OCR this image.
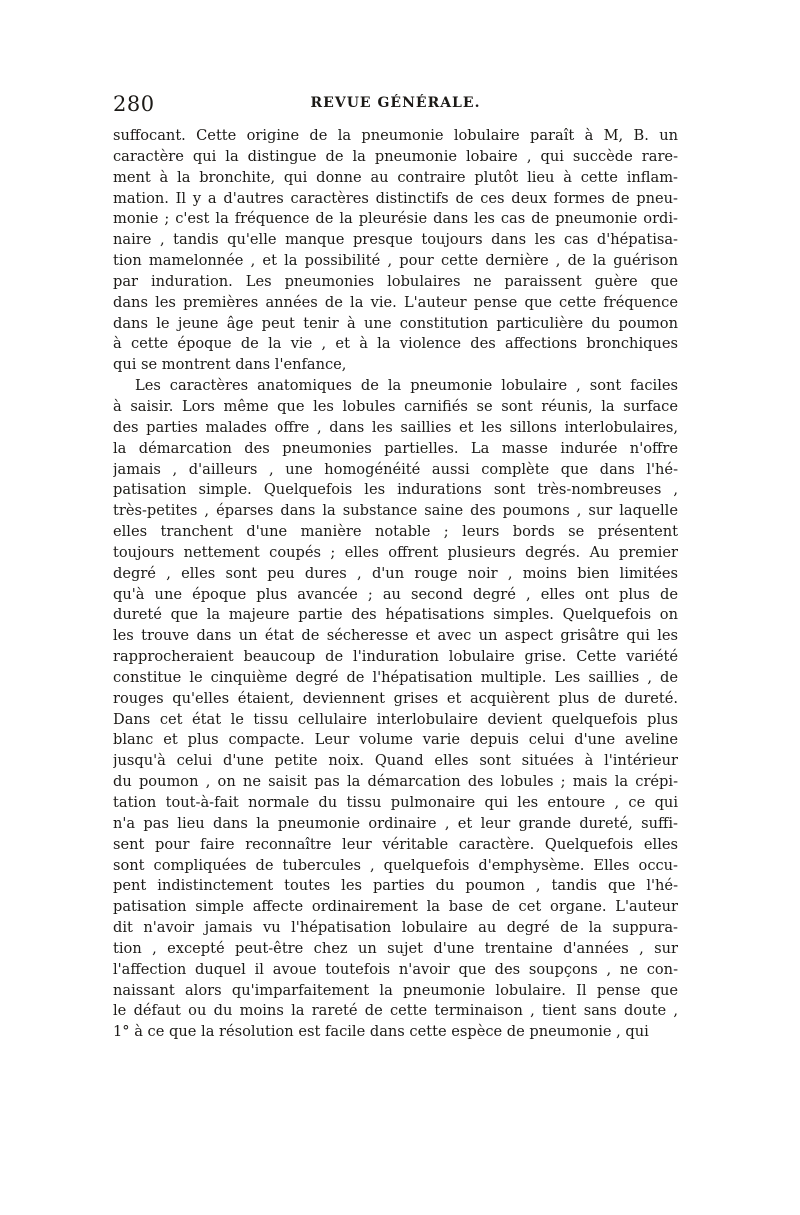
280	REVUE GÉNÉRALE.
suffocant. Cette origine de la pneumonie lobulaire paraît à M, B. un
caractère qui la distingue de la pneumonie lobaire , qui succède rare-
ment à la bronchite, qui donne au contraire plutôt lieu à cette inflam-
mation. Il y a d'autres caractères distinctifs de ces deux formes de pneu-
monie ; c'est la fréquence de la pleurésie dans les cas de pneumonie ordi-
naire , tandis qu'elle manque presque toujours dans les cas d'hépatisa-
tion mamelonnée , et la possibilité , pour cette dernière , de la guérison
par induration. Les pneumonies lobulaires ne paraissent guère que
dans les premières années de la vie. L'auteur pense que cette fréquence
dans le jeune âge peut tenir à une constitution particulière du poumon
à cette époque de la vie , et à la violence des affections bronchiques
qui se montrent dans l'enfance,
Les caractères anatomiques de la pneumonie lobulaire , sont faciles
à saisir. Lors même que les lobules carnifiés se sont réunis, la surface
des parties malades offre , dans les saillies et les sillons interlobulaires,
la démarcation des pneumonies partielles. La masse indurée n'offre
jamais , d'ailleurs , une homogénéité aussi complète que dans l'hé-
patisation simple. Quelquefois les indurations sont très-nombreuses ,
très-petites , éparses dans la substance saine des poumons , sur laquelle
elles tranchent d'une manière notable ; leurs bords se présentent
toujours nettement coupés ; elles offrent plusieurs degrés. Au premier
degré , elles sont peu dures , d'un rouge noir , moins bien limitées
qu'à une époque plus avancée ; au second degré , elles ont plus de
dureté que la majeure partie des hépatisations simples. Quelquefois on
les trouve dans un état de sécheresse et avec un aspect grisâtre qui les
rapprocheraient beaucoup de l'induration lobulaire grise. Cette variété
constitue le cinquième degré de l'hépatisation multiple. Les saillies , de
rouges qu'elles étaient, deviennent grises et acquièrent plus de dureté.
Dans cet état le tissu cellulaire interlobulaire devient quelquefois plus
blanc et plus compacte. Leur volume varie depuis celui d'une aveline
jusqu'à celui d'une petite noix. Quand elles sont situées à l'intérieur
du poumon , on ne saisit pas la démarcation des lobules ; mais la crépi-
tation tout-à-fait normale du tissu pulmonaire qui les entoure , ce qui
n'a pas lieu dans la pneumonie ordinaire , et leur grande dureté, suffi-
sent pour faire reconnaître leur véritable caractère. Quelquefois elles
sont compliquées de tubercules , quelquefois d'emphysème. Elles occu-
pent indistinctement toutes les parties du poumon , tandis que l'hé-
patisation simple affecte ordinairement la base de cet organe. L'auteur
dit n'avoir jamais vu l'hépatisation lobulaire au degré de la suppura-
tion , excepté peut-être chez un sujet d'une trentaine d'années , sur
l'affection duquel il avoue toutefois n'avoir que des soupçons , ne con-
naissant alors qu'imparfaitement la pneumonie lobulaire. Il pense que
le défaut ou du moins la rareté de cette terminaison , tient sans doute ,
1° à ce que la résolution est facile dans cette espèce de pneumonie , qui
